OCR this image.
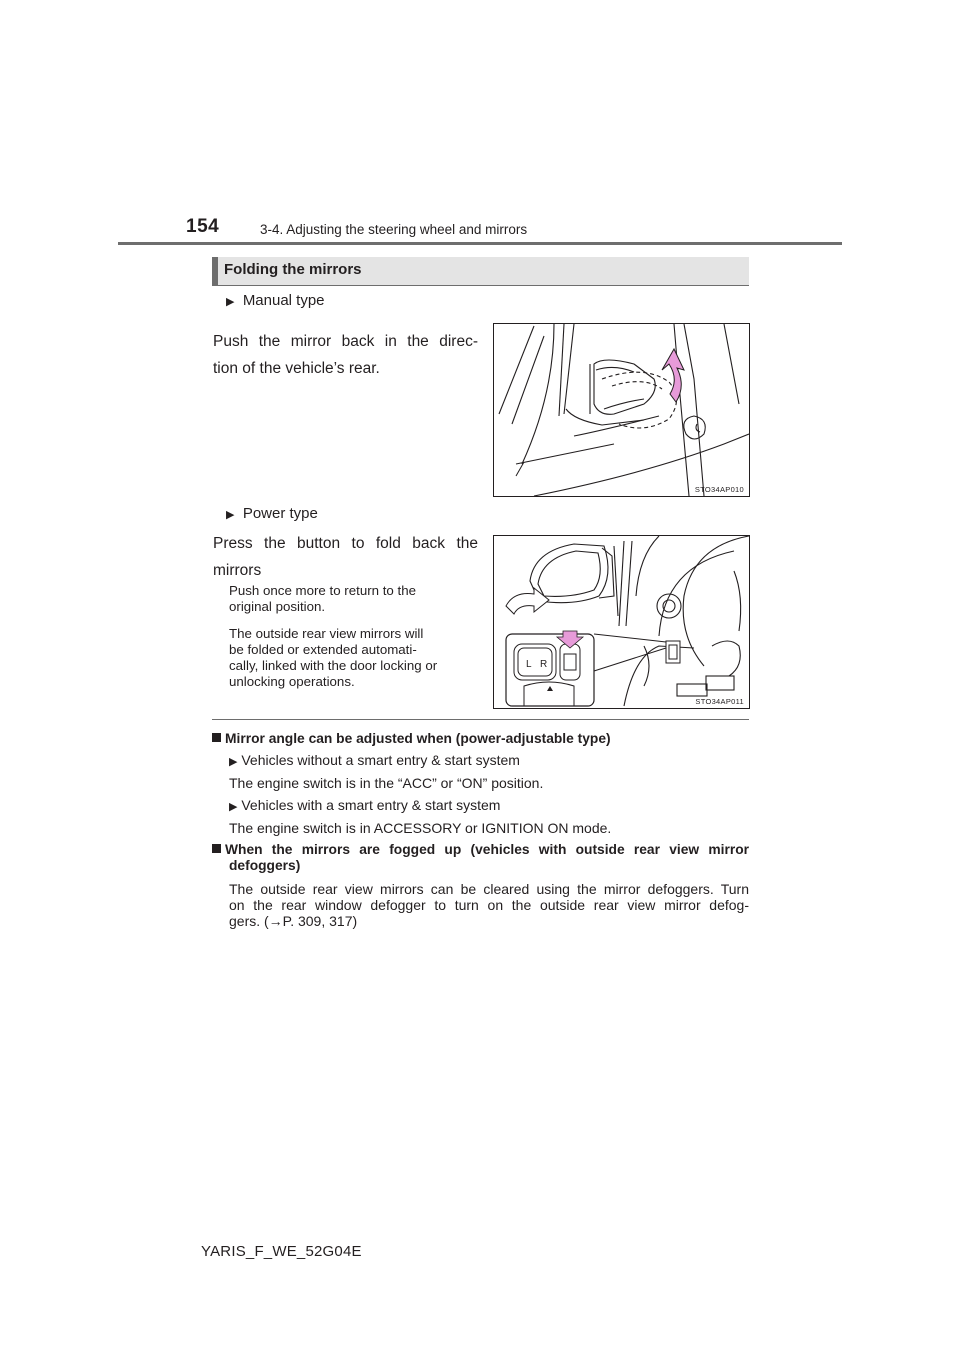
154	3-4. Adjusting the steering wheel and mirrors
Folding the mirrors
▶ Manual type
Push the mirror back in the direc-
tion of the vehicle’s rear.
STO34AP010
▶ Power type
Press the button to fold back the
mirrors
Push once more to return to the
original position.
The outside rear view mirrors will
be folded or extended automati-
cally, linked with the door locking or
unlocking operations.
L R
STO34AP011
Mirror angle can be adjusted when (power-adjustable type)
▶ Vehicles without a smart entry & start system
The engine switch is in the “ACC” or “ON” position.
▶ Vehicles with a smart entry & start system
The engine switch is in ACCESSORY or IGNITION ON mode.
When the mirrors are fogged up (vehicles with outside rear view mirror
defoggers)
The outside rear view mirrors can be cleared using the mirror defoggers. Turn
on the rear window defogger to turn on the outside rear view mirror defog-
gers. (→P. 309, 317)
YARIS_F_WE_52G04E
